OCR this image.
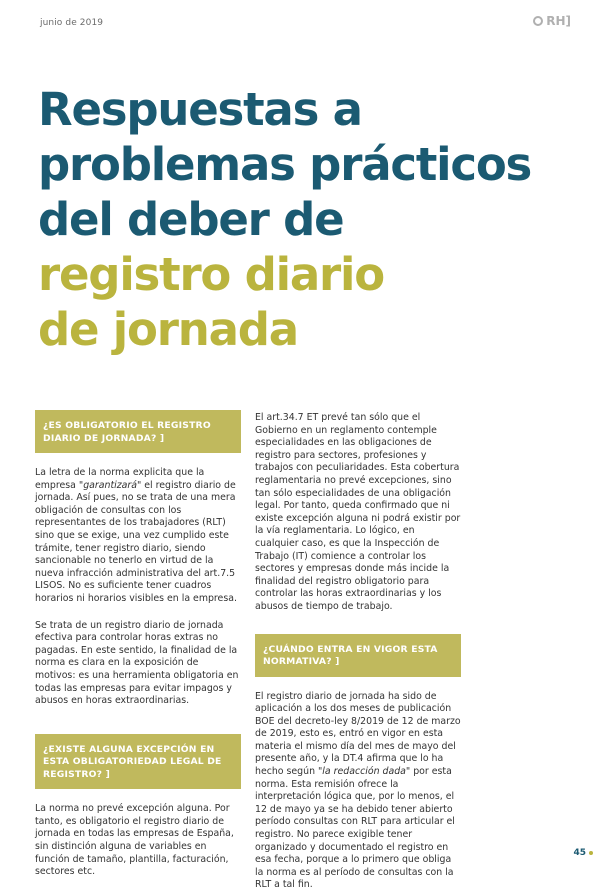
junio de 2019	RH]
Respuestas a
problemas prácticos
del deber de
registro diario
de jornada
¿ES OBLIGATORIO EL REGISTRO DIARIO DE JORNADA? ]

La letra de la norma explicita que la empresa "garantizará" el registro diario de jornada. Así pues, no se trata de una mera obligación de consultas con los representantes de los trabajadores (RLT) sino que se exige, una vez cumplido este trámite, tener registro diario, siendo sancionable no tenerlo en virtud de la nueva infracción administrativa del art.7.5 LISOS. No es suficiente tener cuadros horarios ni horarios visibles en la empresa.

Se trata de un registro diario de jornada efectiva para controlar horas extras no pagadas. En este sentido, la finalidad de la norma es clara en la exposición de motivos: es una herramienta obligatoria en todas las empresas para evitar impagos y abusos en horas extraordinarias.

¿EXISTE ALGUNA EXCEPCIÓN EN ESTA OBLIGATORIEDAD LEGAL DE REGISTRO? ]

La norma no prevé excepción alguna. Por tanto, es obligatorio el registro diario de jornada en todas las empresas de España, sin distinción alguna de variables en función de tamaño, plantilla, facturación, sectores etc.

El art.34.7 ET prevé tan sólo que el Gobierno en un reglamento contemple especialidades en las obligaciones de registro para sectores, profesiones y trabajos con peculiaridades. Esta cobertura reglamentaria no prevé excepciones, sino tan sólo especialidades de una obligación legal. Por tanto, queda confirmado que ni existe excepción alguna ni podrá existir por la vía reglamentaria. Lo lógico, en cualquier caso, es que la Inspección de Trabajo (IT) comience a controlar los sectores y empresas donde más incide la finalidad del registro obligatorio para controlar las horas extraordinarias y los abusos de tiempo de trabajo.

¿CUÁNDO ENTRA EN VIGOR ESTA NORMATIVA? ]

El registro diario de jornada ha sido de aplicación a los dos meses de publicación BOE del decreto-ley 8/2019 de 12 de marzo de 2019, esto es, entró en vigor en esta materia el mismo día del mes de mayo del presente año, y la DT.4 afirma que lo ha hecho según "la redacción dada" por esta norma. Esta remisión ofrece la interpretación lógica que, por lo menos, el 12 de mayo ya se ha debido tener abierto período consultas con RLT para articular el registro. No parece exigible tener organizado y documentado el registro en esa fecha, porque a lo primero que obliga la norma es al período de consultas con la RLT a tal fin.

45
